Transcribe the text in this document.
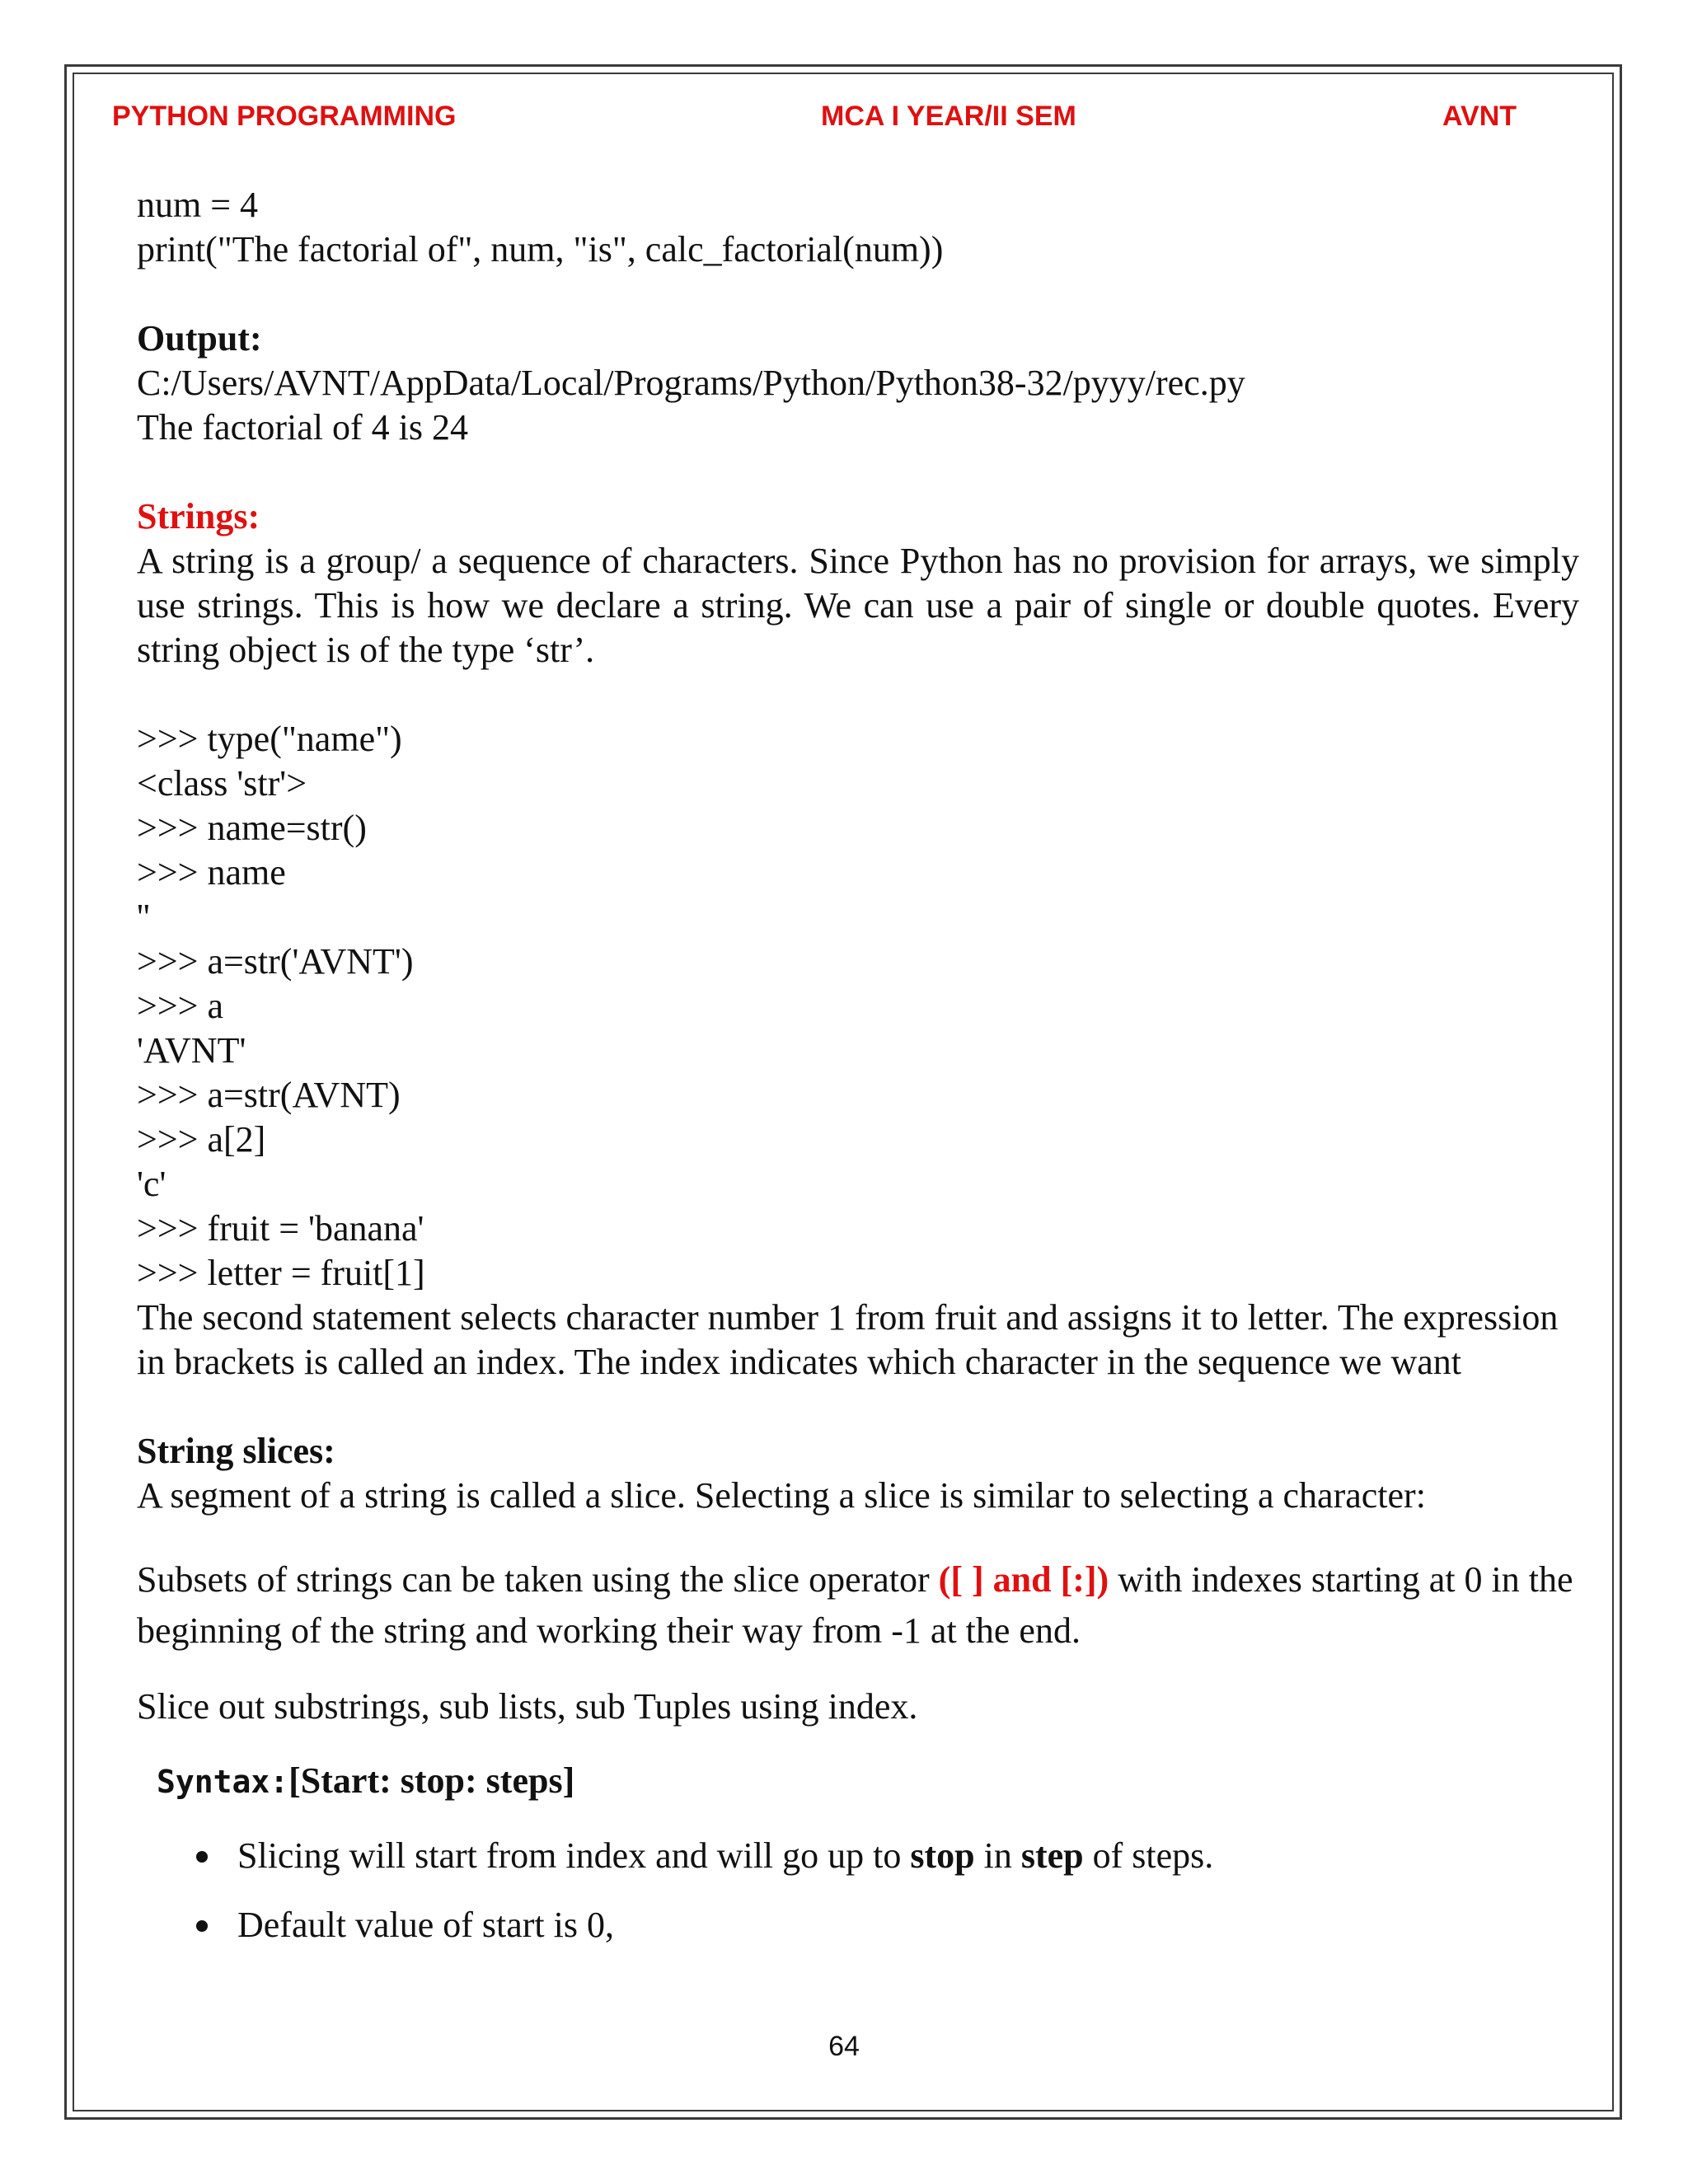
PYTHON PROGRAMMING	MCA I YEAR/II SEM	AVNT
num = 4
print("The factorial of", num, "is", calc_factorial(num))
Output:
C:/Users/AVNT/AppData/Local/Programs/Python/Python38-32/pyyy/rec.py
The factorial of 4 is 24
Strings:
A string is a group/ a sequence of characters. Since Python has no provision for arrays, we simply use strings. This is how we declare a string. We can use a pair of single or double quotes. Every string object is of the type ‘str’.
>>> type("name")
<class 'str'>
>>> name=str()
>>> name
''
>>> a=str('AVNT')
>>> a
'AVNT'
>>> a=str(AVNT)
>>> a[2]
'c'
>>> fruit = 'banana'
>>> letter = fruit[1]
The second statement selects character number 1 from fruit and assigns it to letter. The expression in brackets is called an index. The index indicates which character in the sequence we want
String slices:
A segment of a string is called a slice. Selecting a slice is similar to selecting a character:
Subsets of strings can be taken using the slice operator ([ ] and [:]) with indexes starting at 0 in the beginning of the string and working their way from -1 at the end.
Slice out substrings, sub lists, sub Tuples using index.
Syntax:[Start: stop: steps]
Slicing will start from index and will go up to stop in step of steps.
Default value of start is 0,
64
